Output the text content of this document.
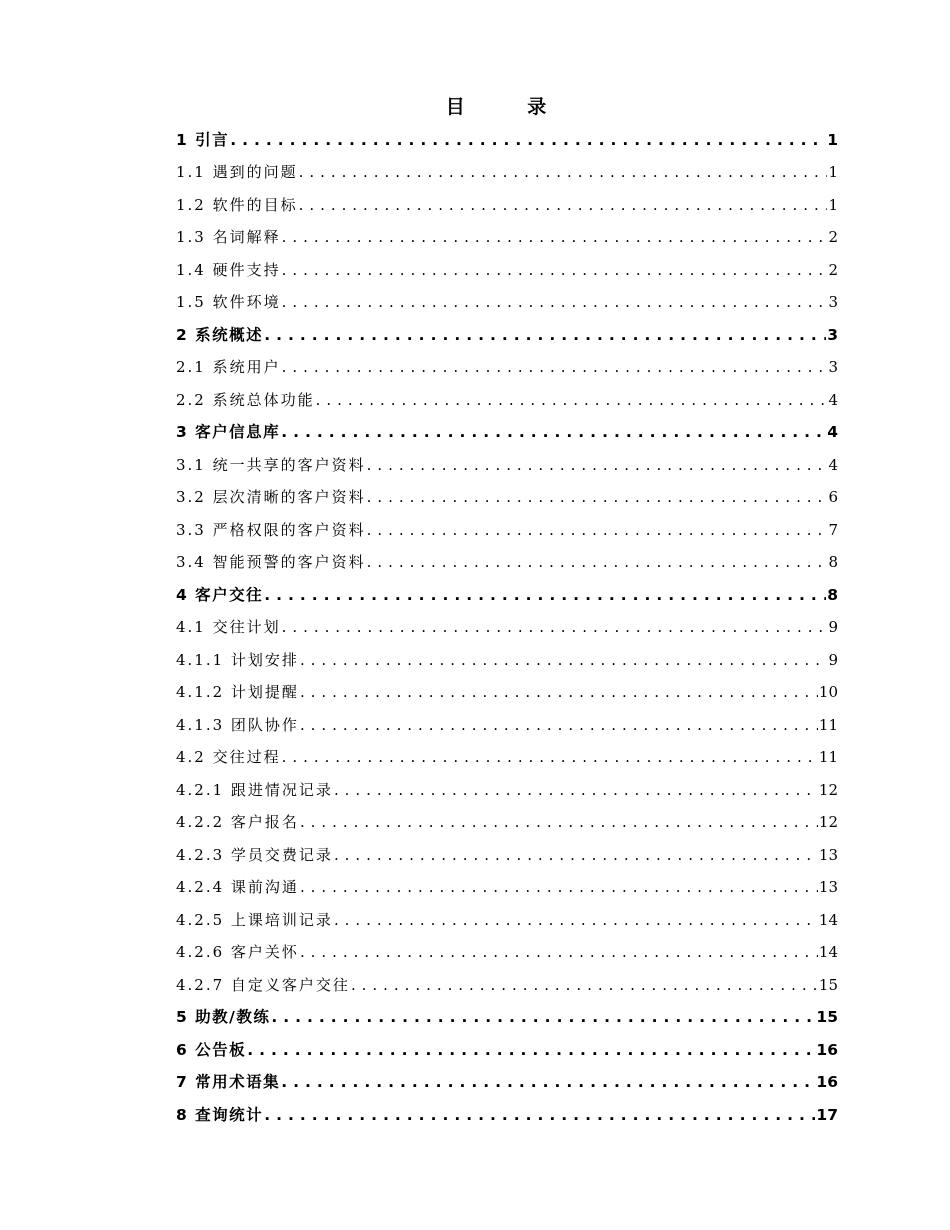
目 录
1 引言 . . .	1
1.1 遇到的问题 . . .	1
1.2 软件的目标 . . .	1
1.3 名词解释 . . .	2
1.4 硬件支持 . . .	2
1.5 软件环境 . . .	3
2 系统概述 . . .	3
2.1 系统用户 . . .	3
2.2 系统总体功能 . . .	4
3 客户信息库 . . .	4
3.1 统一共享的客户资料 . . .	4
3.2 层次清晰的客户资料 . . .	6
3.3 严格权限的客户资料 . . .	7
3.4 智能预警的客户资料 . . .	8
4 客户交往 . . .	8
4.1 交往计划 . . .	9
4.1.1 计划安排 . . .	9
4.1.2 计划提醒 . . .	10
4.1.3 团队协作 . . .	11
4.2 交往过程 . . .	11
4.2.1 跟进情况记录 . . .	12
4.2.2 客户报名 . . .	12
4.2.3 学员交费记录 . . .	13
4.2.4 课前沟通 . . .	13
4.2.5 上课培训记录 . . .	14
4.2.6 客户关怀 . . .	14
4.2.7 自定义客户交往 . . .	15
5 助教/教练 . . .	15
6 公告板 . . .	16
7 常用术语集 . . .	16
8 查询统计 . . .	17
